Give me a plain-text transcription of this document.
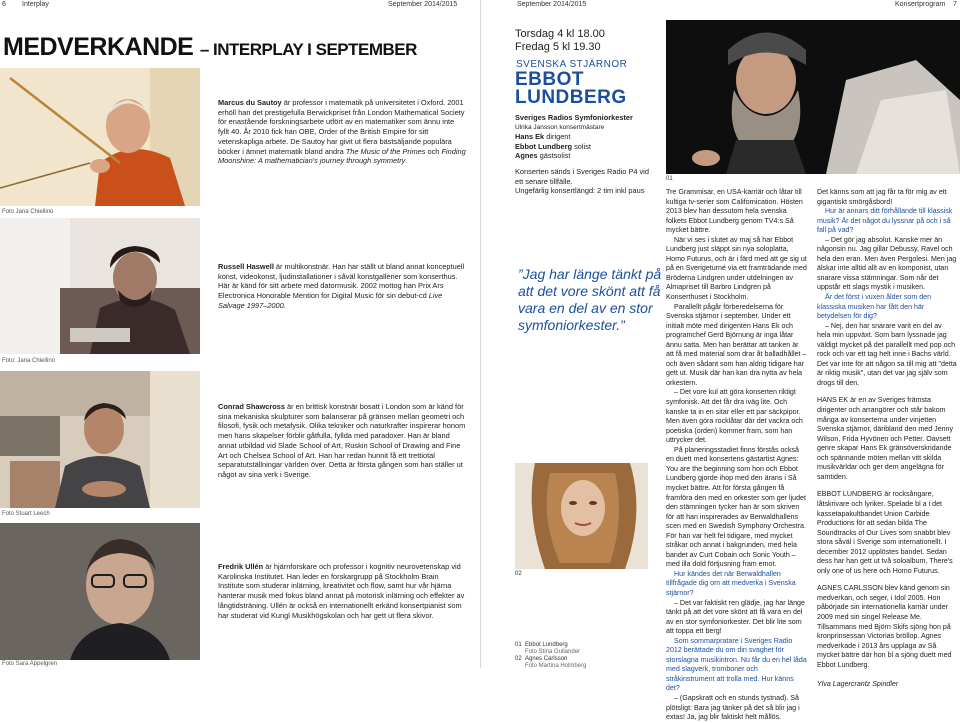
6 Interplay	September 2014/2015	September 2014/2015	Konsertprogram 7
MEDVERKANDE – INTERPLAY I SEPTEMBER
Foto Jana Chiellino
Foto: Jana Chiellino
Foto Stuart Leech
Foto Sara Appelgren
Marcus du Sautoy är professor i matematik på universitetet i Oxford. 2001 erhöll han det prestigefulla Berwickpriset från London Mathematical Society för enastående forskningsarbete utfört av en matematiker som ännu inte fyllt 40. År 2010 fick han OBE, Order of the British Empire för sitt vetenskapliga arbete. De Sautoy har givit ut flera bästsäljande populära böcker i ämnet matematik bland andra The Music of the Primes och Finding Moonshine: A mathematician's journey through symmetry.
Russell Haswell är multikonstnär. Han har ställt ut bland annat konceptuell konst, videokonst, ljudinstallationer i såväl konstgallerier som konserthus. Här är känd för sitt arbete med datormusik. 2002 mottog han Prix Ars Electronica Honorable Mention for Digital Music för sin debut-cd Live Salvage 1997–2000.
Conrad Shawcross är en brittisk konstnär bosatt i London som är känd för sina mekaniska skulpturer som balanserar på gränsen mellan geometri och filosofi, fysik och metafysik. Olika tekniker och naturkrafter inspirerar honom men hans skapelser förblir gåtfulla, fyllda med paradoxer. Han är bland annat utbildad vid Slade School of Art, Ruskin School of Drawing and Fine Art och Chelsea School of Art. Han har redan hunnit få ett trettiotal separatutställningar världen över. Detta är första gången som han ställer ut något av sina verk i Sverige.
Fredrik Ullén är hjärnforskare och professor i kognitiv neurovetenskap vid Karolinska Institutet. Han leder en forskargrupp på Stockholm Brain Institute som studerar inlärning, kreativitet och flow, samt hur vår hjärna hanterar musik med fokus bland annat på motorisk inlärning och effekter av långtidsträning. Ullén är också en internationellt erkänd konsertpianist som har studerat vid Kungl Musikhögskolan och har gett ut flera skivor.
Torsdag 4 kl 18.00
Fredag 5 kl 19.30
SVENSKA STJÄRNOR
EBBOT
LUNDBERG
Sveriges Radios Symfoniorkester
Ulrika Jansson konsertmästare
Hans Ek dirigent
Ebbot Lundberg solist
Agnes gästsolist
Konserten sänds i Sveriges Radio P4 vid ett senare tillfälle.
Ungefärlig konsertlängd: 2 tim inkl paus
”Jag har länge tänkt på att det vore skönt att få vara en del av en stor symfoniorkester.”
01
02
01 Ebbot Lundberg
Foto Stina Gullander
02 Agnes Carlsson
Foto Martina Holmberg

Tre Grammisar, en USA-karriär och låtar till kultiga tv-serier som Californication. Hösten 2013 blev han dessutom hela svenska folkets Ebbot Lundberg genom TV4:s Så mycket bättre.

När vi ses i slutet av maj så har Ebbot Lundberg just släppt sin nya soloplatta, Homo Futurus, och är i färd med att ge sig ut på en Sverigeturné via ett framträdande med Bröderna Lindgren under utdelningen av Almapriset till Barbro Lindgren på Konserthuset i Stockholm.

Parallellt pågår förberedelserna för Svenska stjärnor i september. Under ett initialt möte med dirigenten Hans Ek och programchef Gerd Björnung är inga låtar ännu satta. Men han berättar att tanken är att få med material som drar åt balladhållet – och även sådant som han aldrig tidigare har gett ut. Musik där han kan dra nytta av hela orkestern.

– Det vore kul att göra konserten riktigt symfonisk. Att det får dra iväg lite. Och kanske ta in en sitar eller ett par säckpipor. Men även góra rocklåtar där det vackra och poetiska (orden) kommer fram, som han uttrycker det.

På planeringsstadiet finns förstås också en duett med konsertens gästartist Agnes: You are the beginning som hon och Ebbot Lundberg gjorde ihop med den ärans i Så mycket bättre. Att för första gången få framföra den med en orkester som ger ljudet den stämningen tycker han är som skriven för att han inspirerades av Berwaldhallens scen med en Swedish Symphony Orchestra. För han var helt fel tidigare, med mycket stråkar och annat i bakgrunden, med hela bandet av Curt Cobain och Sonic Youth – med illa dold förtjusning fram emot.

Hur kändes det när Berwaldhallen tillfrågade dig om att medverka i Svenska stjärnor?

– Det var faktiskt ren glädje, jag har länge tänkt på att det vore skönt att få vara en del av en stor symfoniorkester. Det blir lite som att toppa ett berg!

Som sommarpratare i Sveriges Radio 2012 berättade du om din svaghet för storslagna musikintron. Nu får du en hel låda med slagverk, tromboner och stråkinstrument att trolla med. Hur känns det?

– (Gapskratt och en stunds tystnad). Så plötsligt: Bara jag tänker på det så blir jag i extas! Ja, jag blir faktiskt helt mållös.

Det känns som att jag får ta för mig av ett gigantiskt smörgåsbord!

Hur är annars ditt förhållande till klassisk musik? Är det något du lyssnar på och i så fall på vad?

– Det gör jag absolut. Kanske mer än någonsin nu. Jag gillar Debussy, Ravel och hela den eran. Men även Pergolesi. Men jag älskar inte alltid allt av en komponist, utan snarare vissa stämningar. Som når det uppstår ett slags mystik i musiken.

Är det först i vuxen ålder som den klassiska musiken har fått den här betydelsen för dig?

– Nej, den har snarare varit en del av hela min uppväxt. Som barn lyssnade jag väldigt mycket på det parallellt med pop och rock och var ett tag helt inne i Bachs värld. Det var inte för att någon sa till mig att "detta är riktig musik", utan det var jag själv som drogs till den.

HANS EK är en av Sveriges främsta dirigenter och arrangörer och står bakom många av konserterna under vinjetten Svenska stjärnor, däribland den med Jenny Wilson, Frida Hyvönen och Petter. Oavsett genre skapar Hans Ek gränsöverskridande och spännande möten mellan vitt skilda musikvärldar och ger dem angelägna för samtiden.

EBBOT LUNDBERG är rocksångare, låtskrivare och lyriker. Spelade bl a i det kassetapakultbandet Union Carbide Productions för att sedan bilda The Soundtracks of Our Lives som snabbt blev stora såväl i Sverige som internationellt. I december 2012 upplöstes bandet. Sedan dess har han gett ut två soloalbum, There's only one of us here och Homo Futurus.

AGNES CARLSSON blev känd genom sin medverkan, och seger, i Idol 2005. Hon påbörjade sin internationella karriär under 2009 med sin singel Release Me. Tillsammans med Björn Skifs sjöng hon på kronprinsessan Victorias bröllop. Agnes medverkade i 2013 års upplaga av Så mycket bättre där hon bl a sjöng duett med Ebbot Lundberg.

Ylva Lagercrantz Spindler
